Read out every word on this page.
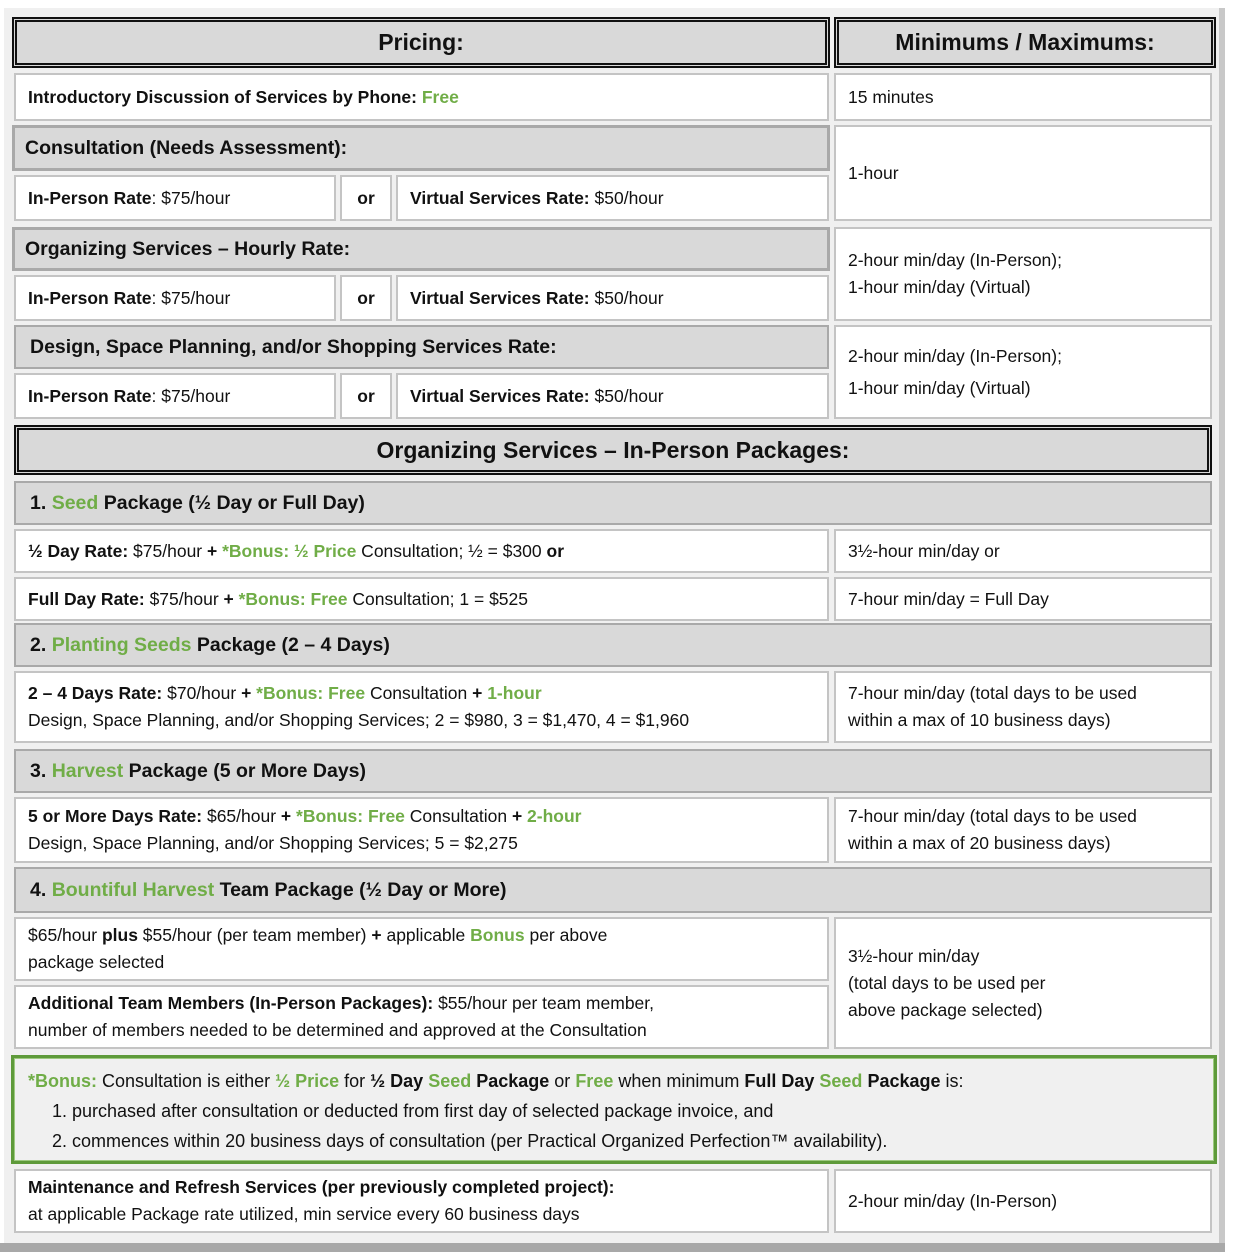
Pricing:	Minimums / Maximums:
Introductory Discussion of Services by Phone: Free	15 minutes
Consultation (Needs Assessment):
In-Person Rate: $75/hour	or Virtual Services Rate: $50/hour
1-hour
Organizing Services – Hourly Rate:
In-Person Rate: $75/hour	or Virtual Services Rate: $50/hour
2-hour min/day (In-Person);
1-hour min/day (Virtual)
Design, Space Planning, and/or Shopping Services Rate:
In-Person Rate: $75/hour	or Virtual Services Rate: $50/hour
2-hour min/day (In-Person);
1-hour min/day (Virtual)
Organizing Services – In-Person Packages:
1. Seed Package (½ Day or Full Day)
½ Day Rate: $75/hour + *Bonus: ½ Price Consultation; ½ = $300 or	3½-hour min/day or
Full Day Rate: $75/hour + *Bonus: Free Consultation; 1 = $525	7-hour min/day = Full Day
2. Planting Seeds Package (2 – 4 Days)
2 – 4 Days Rate: $70/hour + *Bonus: Free Consultation + 1-hour
Design, Space Planning, and/or Shopping Services; 2 = $980, 3 = $1,470, 4 = $1,960
7-hour min/day (total days to be used
within a max of 10 business days)
3. Harvest Package (5 or More Days)
5 or More Days Rate: $65/hour + *Bonus: Free Consultation + 2-hour
Design, Space Planning, and/or Shopping Services; 5 = $2,275
7-hour min/day (total days to be used
within a max of 20 business days)
4. Bountiful Harvest Team Package (½ Day or More)
$65/hour plus $55/hour (per team member) + applicable Bonus per above
package selected
Additional Team Members (In-Person Packages): $55/hour per team member,
number of members needed to be determined and approved at the Consultation
3½-hour min/day
(total days to be used per
above package selected)
*Bonus: Consultation is either ½ Price for ½ Day Seed Package or Free when minimum Full Day Seed Package is:
1. purchased after consultation or deducted from first day of selected package invoice, and
2. commences within 20 business days of consultation (per Practical Organized Perfection™ availability).
Maintenance and Refresh Services (per previously completed project):
at applicable Package rate utilized, min service every 60 business days
2-hour min/day (In-Person)
